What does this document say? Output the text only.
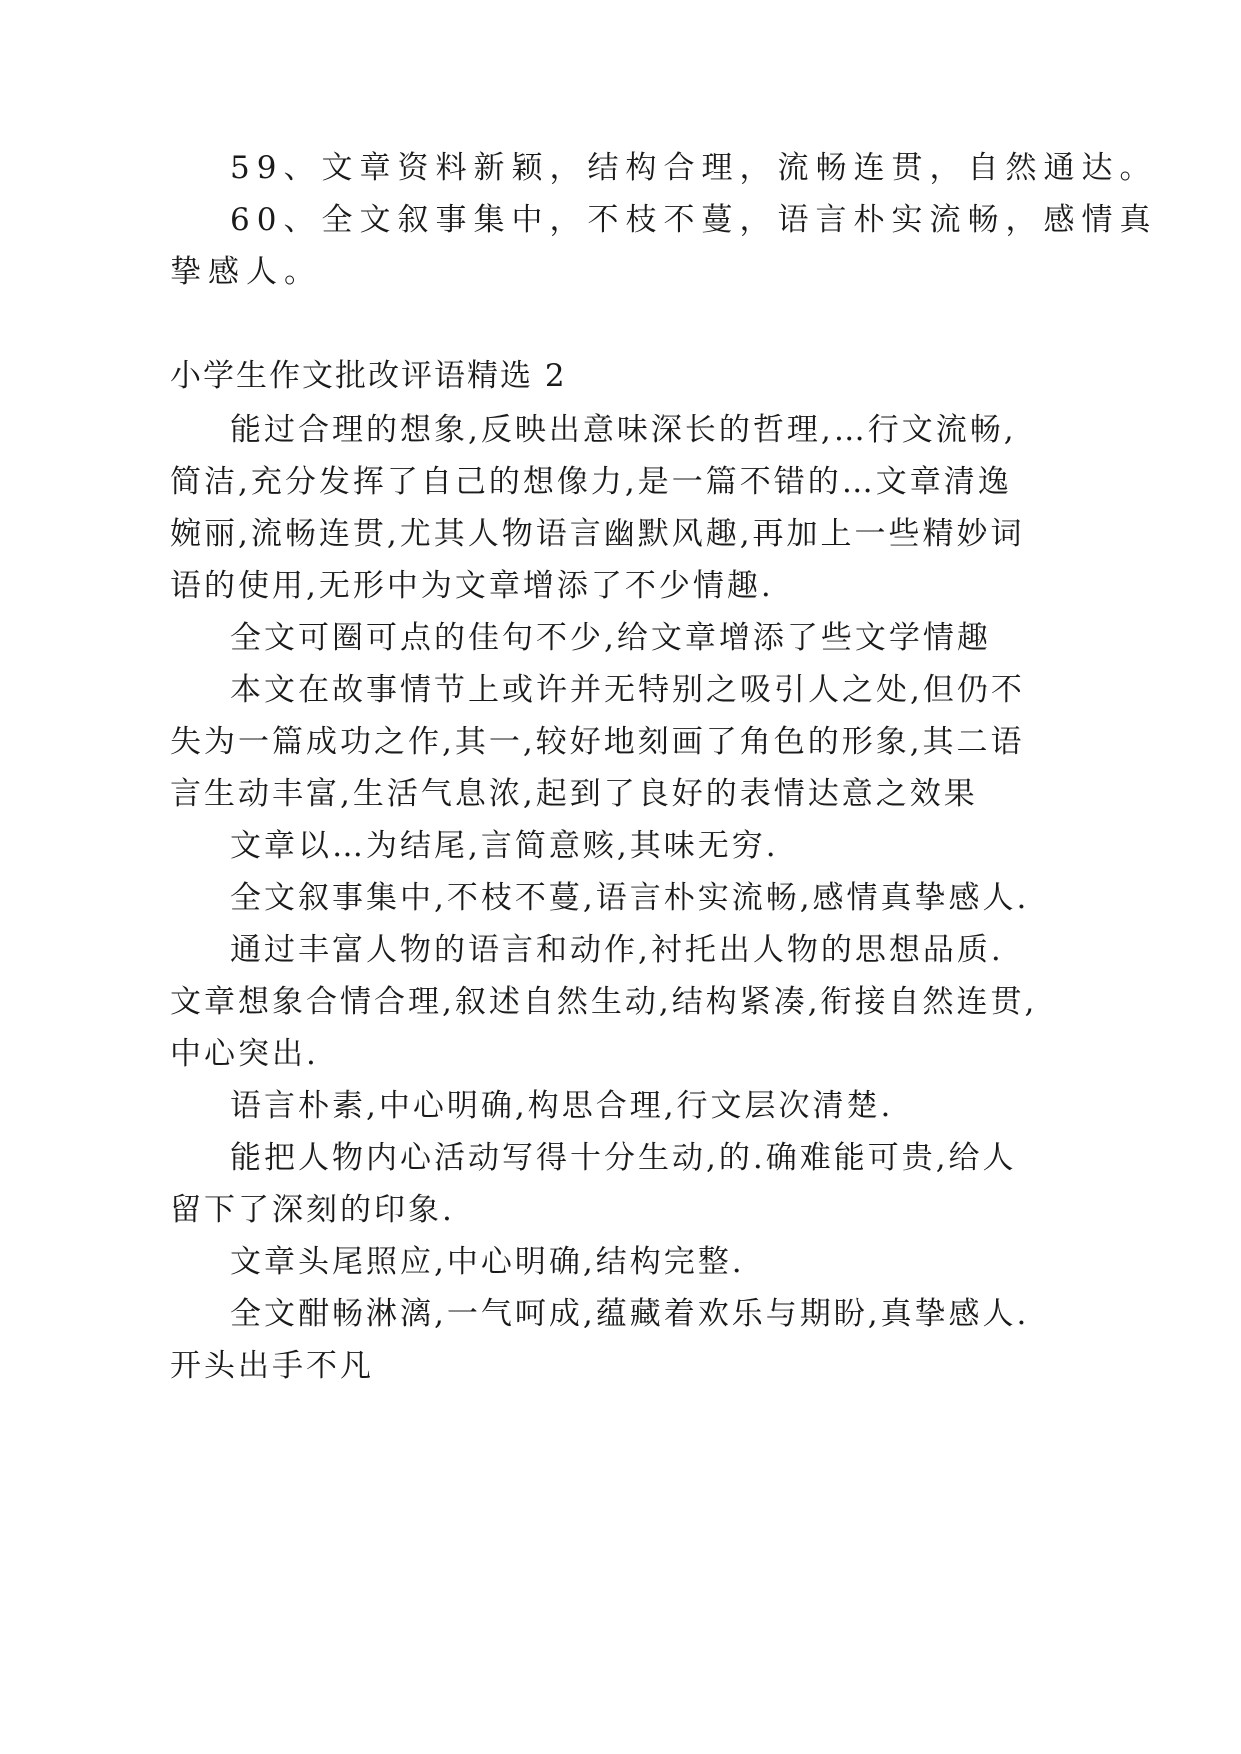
59、文章资料新颖，结构合理，流畅连贯，自然通达。
60、全文叙事集中，不枝不蔓，语言朴实流畅，感情真
挚感人。
小学生作文批改评语精选 2
能过合理的想象,反映出意味深长的哲理,…行文流畅,
简洁,充分发挥了自己的想像力,是一篇不错的…文章清逸
婉丽,流畅连贯,尤其人物语言幽默风趣,再加上一些精妙词
语的使用,无形中为文章增添了不少情趣.
全文可圈可点的佳句不少,给文章增添了些文学情趣
本文在故事情节上或许并无特别之吸引人之处,但仍不
失为一篇成功之作,其一,较好地刻画了角色的形象,其二语
言生动丰富,生活气息浓,起到了良好的表情达意之效果
文章以…为结尾,言简意赅,其味无穷.
全文叙事集中,不枝不蔓,语言朴实流畅,感情真挚感人.
通过丰富人物的语言和动作,衬托出人物的思想品质.
文章想象合情合理,叙述自然生动,结构紧凑,衔接自然连贯,
中心突出.
语言朴素,中心明确,构思合理,行文层次清楚.
能把人物内心活动写得十分生动,的.确难能可贵,给人
留下了深刻的印象.
文章头尾照应,中心明确,结构完整.
全文酣畅淋漓,一气呵成,蕴藏着欢乐与期盼,真挚感人.
开头出手不凡
